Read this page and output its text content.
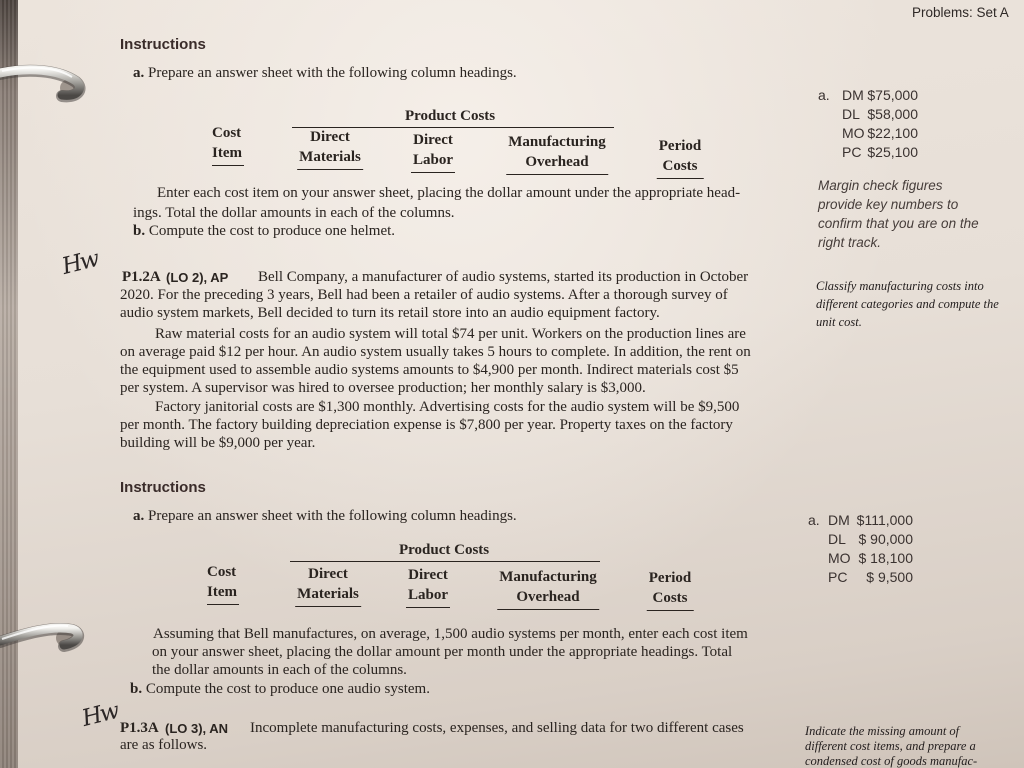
Problems: Set A
Instructions
a. Prepare an answer sheet with the following column headings.
Product Costs
Cost
Item
Direct
Materials
Direct
Labor
Manufacturing
Overhead
Period
Costs
Enter each cost item on your answer sheet, placing the dollar amount under the appropriate head-
ings. Total the dollar amounts in each of the columns.
b. Compute the cost to produce one helmet.
a. DM $75,000
DL $58,000
MO $22,100
PC $25,100
Margin check figures
provide key numbers to
confirm that you are on the
right track.
Hw P1.2A (LO 2), AP Bell Company, a manufacturer of audio systems, started its production in October
2020. For the preceding 3 years, Bell had been a retailer of audio systems. After a thorough survey of
audio system markets, Bell decided to turn its retail store into an audio equipment factory.
Raw material costs for an audio system will total $74 per unit. Workers on the production lines are
on average paid $12 per hour. An audio system usually takes 5 hours to complete. In addition, the rent on
the equipment used to assemble audio systems amounts to $4,900 per month. Indirect materials cost $5
per system. A supervisor was hired to oversee production; her monthly salary is $3,000.
Factory janitorial costs are $1,300 monthly. Advertising costs for the audio system will be $9,500
per month. The factory building depreciation expense is $7,800 per year. Property taxes on the factory
building will be $9,000 per year.
Classify manufacturing costs into
different categories and compute the
unit cost.
Instructions
a. Prepare an answer sheet with the following column headings.
Product Costs
Cost
Item
Direct
Materials
Direct
Labor
Manufacturing
Overhead
Period
Costs
a. DM $111,000
DL $ 90,000
MO $ 18,100
PC	$ 9,500
Assuming that Bell manufactures, on average, 1,500 audio systems per month, enter each cost item
on your answer sheet, placing the dollar amount per month under the appropriate headings. Total
the dollar amounts in each of the columns.
b. Compute the cost to produce one audio system.
Hw P1.3A (LO 3), AN Incomplete manufacturing costs, expenses, and selling data for two different cases
are as follows.
Indicate the missing amount of
different cost items, and prepare a
condensed cost of goods manufac-
